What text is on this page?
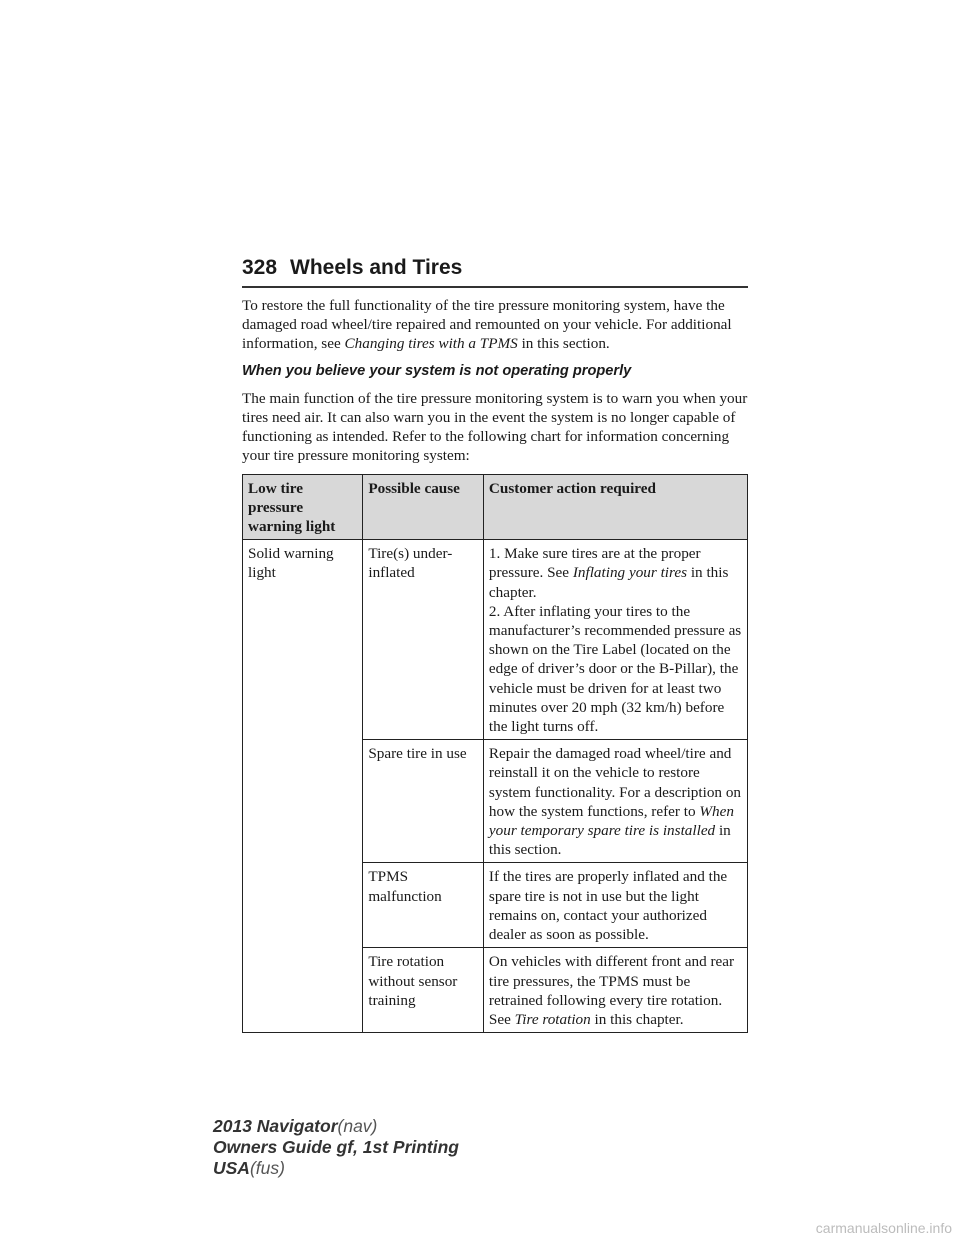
328 Wheels and Tires

To restore the full functionality of the tire pressure monitoring system, have the damaged road wheel/tire repaired and remounted on your vehicle. For additional information, see Changing tires with a TPMS in this section.

When you believe your system is not operating properly

The main function of the tire pressure monitoring system is to warn you when your tires need air. It can also warn you in the event the system is no longer capable of functioning as intended. Refer to the following chart for information concerning your tire pressure monitoring system:

Low tire pressure warning light	Possible cause	Customer action required
Solid warning light	Tire(s) under-inflated	1. Make sure tires are at the proper pressure. See Inflating your tires in this chapter.
2. After inflating your tires to the manufacturer’s recommended pressure as shown on the Tire Label (located on the edge of driver’s door or the B-Pillar), the vehicle must be driven for at least two minutes over 20 mph (32 km/h) before the light turns off.
	Spare tire in use	Repair the damaged road wheel/tire and reinstall it on the vehicle to restore system functionality. For a description on how the system functions, refer to When your temporary spare tire is installed in this section.
	TPMS malfunction	If the tires are properly inflated and the spare tire is not in use but the light remains on, contact your authorized dealer as soon as possible.
	Tire rotation without sensor training	On vehicles with different front and rear tire pressures, the TPMS must be retrained following every tire rotation. See Tire rotation in this chapter.
2013 Navigator(nav)
Owners Guide gf, 1st Printing
USA(fus)
carmanualsonline.info
